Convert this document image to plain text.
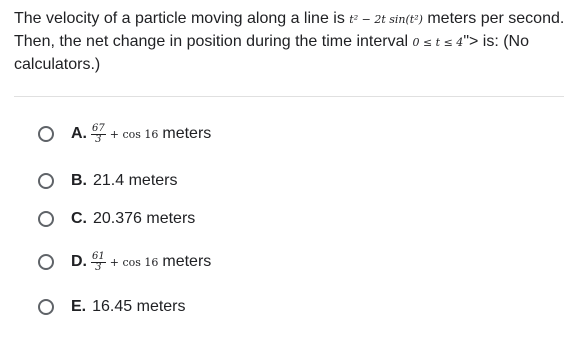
The velocity of a particle moving along a line is t² − 2t sin(t²) meters per second. Then, the net change in position during the time interval 0 ≤ t ≤ 4"> is: (No calculators.)
A. $\frac{67}{3} + \cos 16$ meters
B. 21.4 meters
C. 20.376 meters
D. $\frac{61}{3} + \cos 16$ meters
E. 16.45 meters
